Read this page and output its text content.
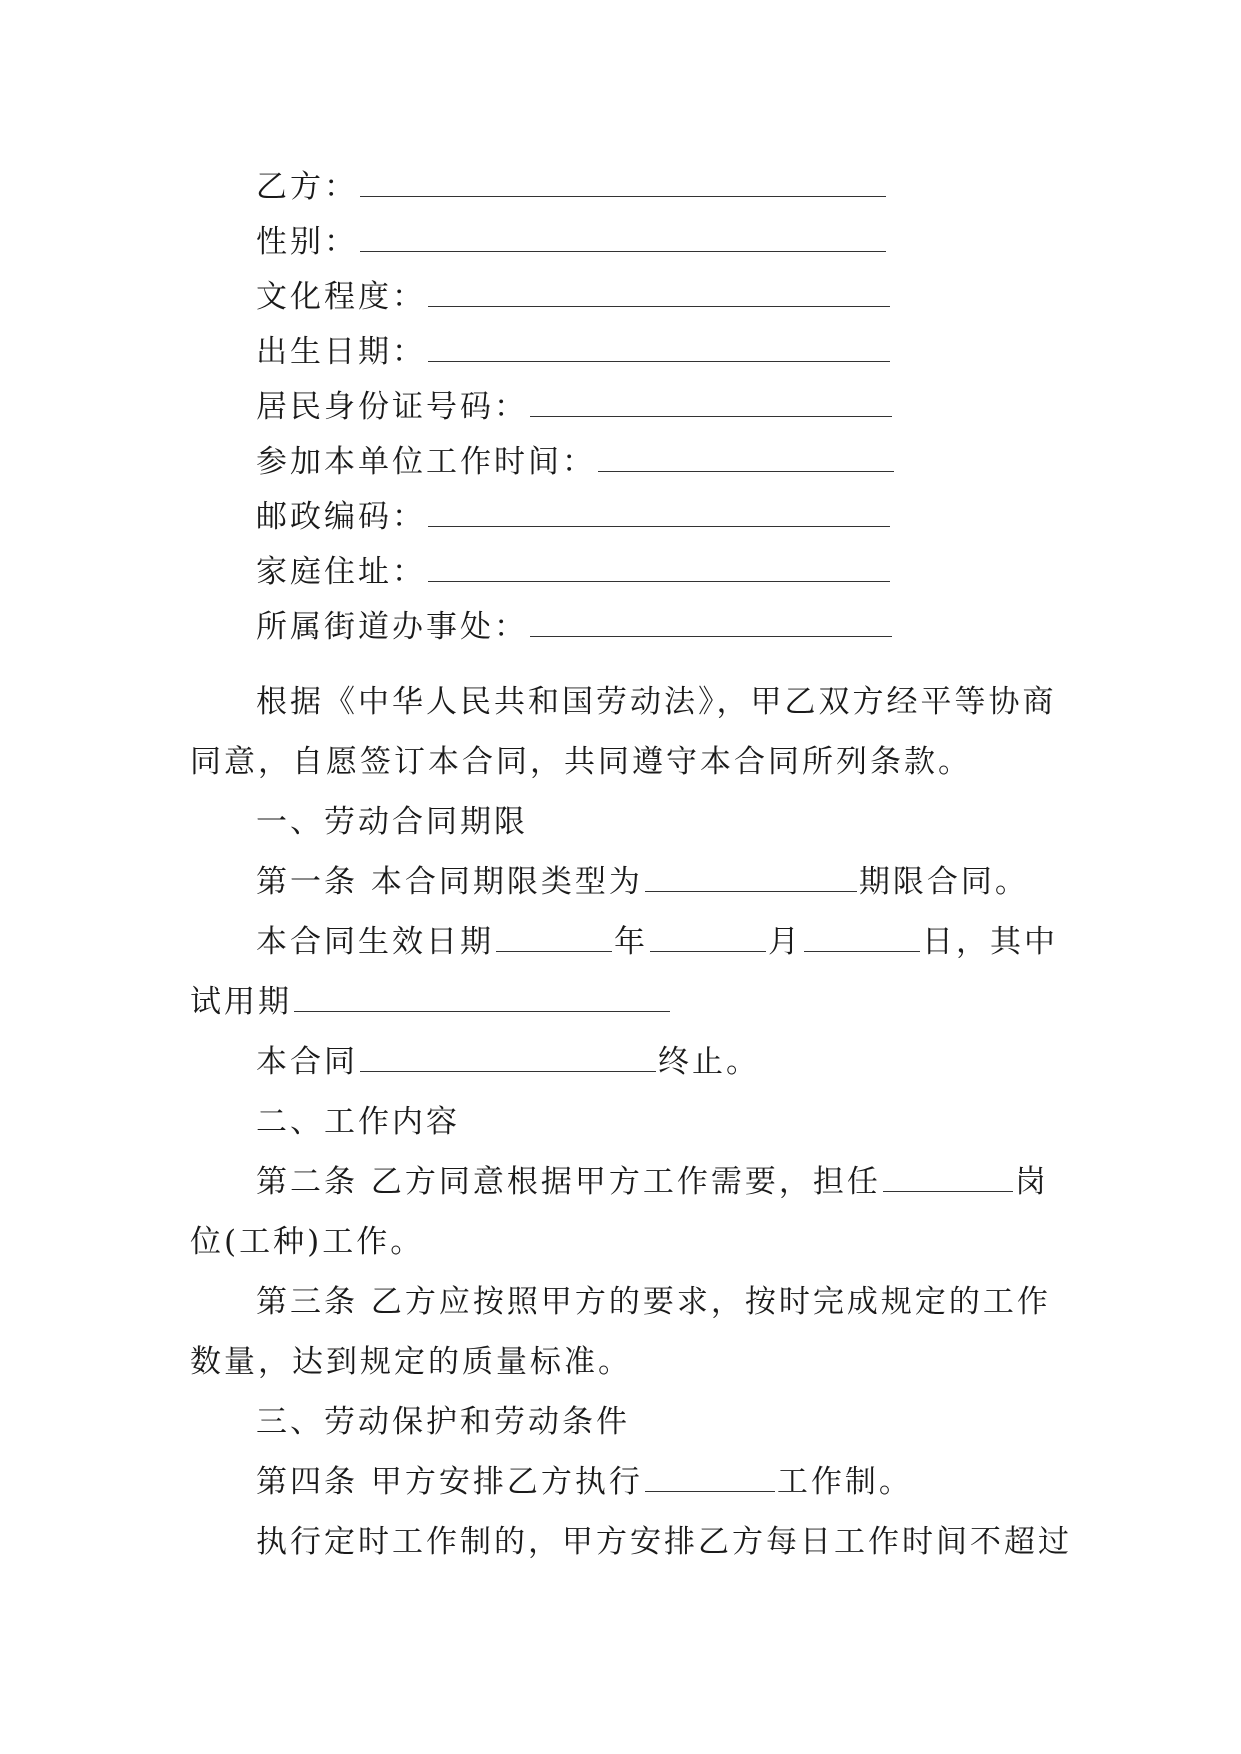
乙方：
性别：
文化程度：
出生日期：
居民身份证号码：
参加本单位工作时间：
邮政编码：
家庭住址：
所属街道办事处：
根据《中华人民共和国劳动法》，甲乙双方经平等协商
同意，自愿签订本合同，共同遵守本合同所列条款。
一、劳动合同期限
第一条 本合同期限类型为	期限合同。
本合同生效日期	年	月	日，其中
试用期
本合同	终止。
二、工作内容
第二条 乙方同意根据甲方工作需要，担任	岗
位(工种)工作。
第三条 乙方应按照甲方的要求，按时完成规定的工作
数量，达到规定的质量标准。
三、劳动保护和劳动条件
第四条 甲方安排乙方执行	工作制。
执行定时工作制的，甲方安排乙方每日工作时间不超过
